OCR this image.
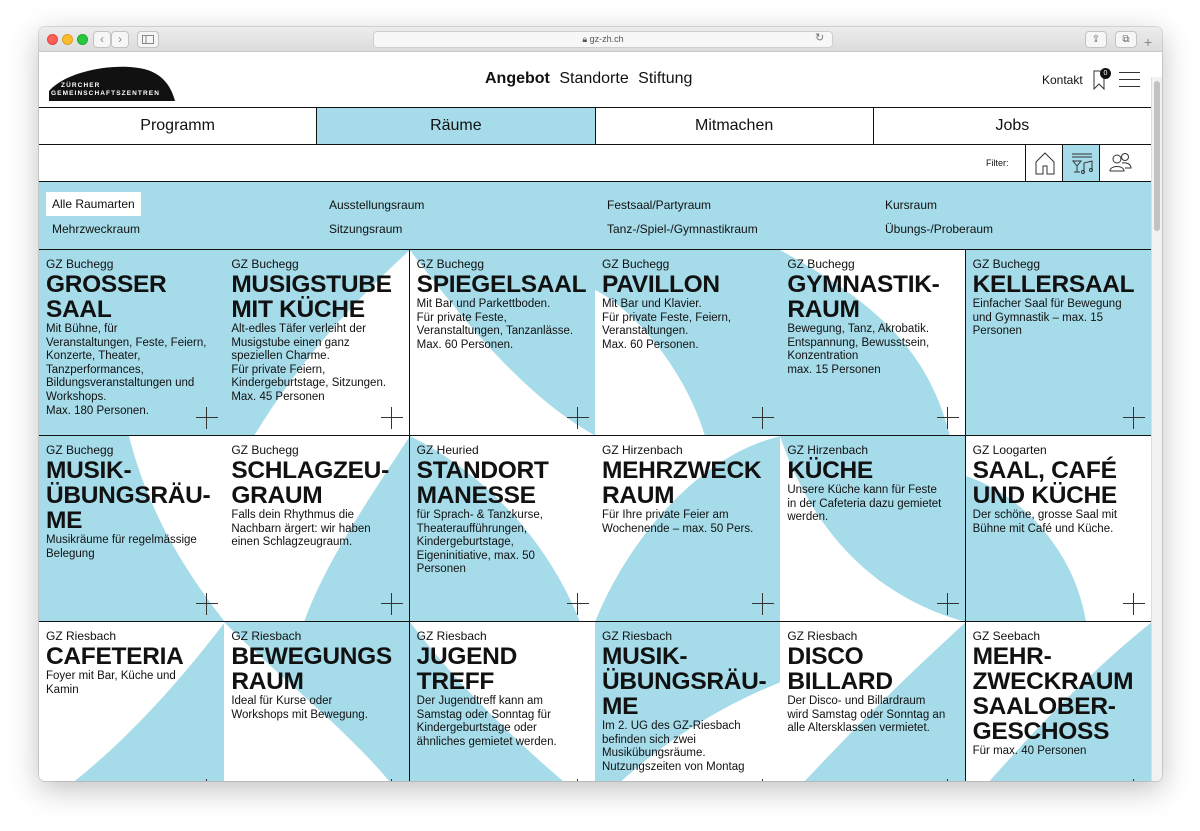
‹	›	🔒︎ gz-zh.ch	↻	⇪	⧉	+
ZÜRCHER
GEMEINSCHAFTSZENTREN
Angebot Standorte Stiftung	Kontakt	0
Programm	Räume	Mitmachen	Jobs
Filter:
Alle Raumarten	Ausstellungsraum	Festsaal/Partyraum	Kursraum
Mehrzweckraum	Sitzungsraum	Tanz-/Spiel-/Gymnastikraum	Übungs-/Proberaum
GZ Buchegg
GROSSER
SAAL
Mit Bühne, für
Veranstaltungen, Feste, Feiern,
Konzerte, Theater,
Tanzperformances,
Bildungsveranstaltungen und
Workshops.
Max. 180 Personen.
GZ Buchegg
MUSIGSTUBE
MIT KÜCHE
Alt-edles Täfer verleiht der
Musigstube einen ganz
speziellen Charme.
Für private Feiern,
Kindergeburtstage, Sitzungen.
Max. 45 Personen
GZ Buchegg
SPIEGELSAAL
Mit Bar und Parkettboden.
Für private Feste,
Veranstaltungen, Tanzanlässe.
Max. 60 Personen.
GZ Buchegg
PAVILLON
Mit Bar und Klavier.
Für private Feste, Feiern,
Veranstaltungen.
Max. 60 Personen.
GZ Buchegg
GYMNASTIK-
RAUM
Bewegung, Tanz, Akrobatik.
Entspannung, Bewusstsein,
Konzentration
max. 15 Personen
GZ Buchegg
KELLERSAAL
Einfacher Saal für Bewegung
und Gymnastik – max. 15
Personen
GZ Buchegg
MUSIK-
ÜBUNGSRÄU-
ME
Musikräume für regelmässige
Belegung
GZ Buchegg
SCHLAGZEU-
GRAUM
Falls dein Rhythmus die
Nachbarn ärgert: wir haben
einen Schlagzeugraum.
GZ Heuried
STANDORT
MANESSE
für Sprach- & Tanzkurse,
Theateraufführungen,
Kindergeburtstage,
Eigeninitiative, max. 50
Personen
GZ Hirzenbach
MEHRZWECK
RAUM
Für Ihre private Feier am
Wochenende – max. 50 Pers.
GZ Hirzenbach
KÜCHE
Unsere Küche kann für Feste
in der Cafeteria dazu gemietet
werden.
GZ Loogarten
SAAL, CAFÉ
UND KÜCHE
Der schöne, grosse Saal mit
Bühne mit Café und Küche.
GZ Riesbach
CAFETERIA
Foyer mit Bar, Küche und
Kamin
GZ Riesbach
BEWEGUNGS
RAUM
Ideal für Kurse oder
Workshops mit Bewegung.
GZ Riesbach
JUGEND
TREFF
Der Jugendtreff kann am
Samstag oder Sonntag für
Kindergeburtstage oder
ähnliches gemietet werden.
GZ Riesbach
MUSIK-
ÜBUNGSRÄU-
ME
Im 2. UG des GZ-Riesbach
befinden sich zwei
Musikübungsräume.
Nutzungszeiten von Montag
GZ Riesbach
DISCO
BILLARD
Der Disco- und Billardraum
wird Samstag oder Sonntag an
alle Altersklassen vermietet.
GZ Seebach
MEHR-
ZWECKRAUM
SAALOBER-
GESCHOSS
Für max. 40 Personen
